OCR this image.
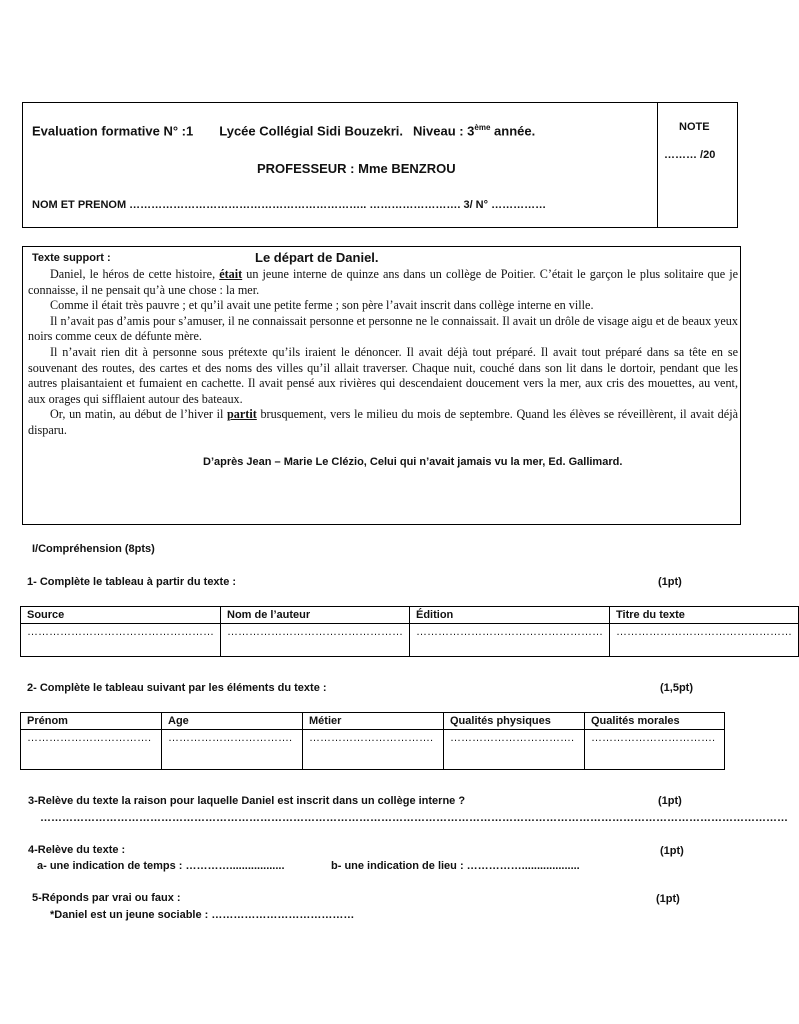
Evaluation formative N° :1 Lycée Collégial Sidi Bouzekri. Niveau : 3ème année.
PROFESSEUR : Mme BENZROU
NOM ET PRENOM ……………………………………………………….. ……………………. 3/ N° ……………
NOTE
……… /20
Texte support :	Le départ de Daniel.

Daniel, le héros de cette histoire, était un jeune interne de quinze ans dans un collège de Poitier. C’était le garçon le plus solitaire que je connaisse, il ne pensait qu’à une chose : la mer.

Comme il était très pauvre ; et qu’il avait une petite ferme ; son père l’avait inscrit dans collège interne en ville.

Il n’avait pas d’amis pour s’amuser, il ne connaissait personne et personne ne le connaissait. Il avait un drôle de visage aigu et de beaux yeux noirs comme ceux de défunte mère.

Il n’avait rien dit à personne sous prétexte qu’ils iraient le dénoncer. Il avait déjà tout préparé. Il avait tout préparé dans sa tête en se souvenant des routes, des cartes et des noms des villes qu’il allait traverser. Chaque nuit, couché dans son lit dans le dortoir, pendant que les autres plaisantaient et fumaient en cachette. Il avait pensé aux rivières qui descendaient doucement vers la mer, aux cris des mouettes, au vent, aux orages qui sifflaient autour des bateaux.

Or, un matin, au début de l’hiver il partit brusquement, vers le milieu du mois de septembre. Quand les élèves se réveillèrent, il avait déjà disparu.

D’après Jean – Marie Le Clézio, Celui qui n’avait jamais vu la mer, Ed. Gallimard.
I/Compréhension (8pts)
1- Complète le tableau à partir du texte :	(1pt)
Source	Nom de l’auteur	Édition	Titre du texte
……………………………………………	…………………………………………	……………………………………………	…………………………………………
2- Complète le tableau suivant par les éléments du texte :	(1,5pt)
Prénom	Age	Métier	Qualités physiques	Qualités morales
…………………………….	…………………………….	…………………………….	…………………………….	…………………………….
3-Relève du texte la raison pour laquelle Daniel est inscrit dans un collège interne ?	(1pt)
……………………………………………………………………………………………………………………………………………………………………………………
4-Relève du texte :	(1pt)
a- une indication de temps : …………..................	b- une indication de lieu : ……………...................
5-Réponds par vrai ou faux :	(1pt)
*Daniel est un jeune sociable : …………………………………
